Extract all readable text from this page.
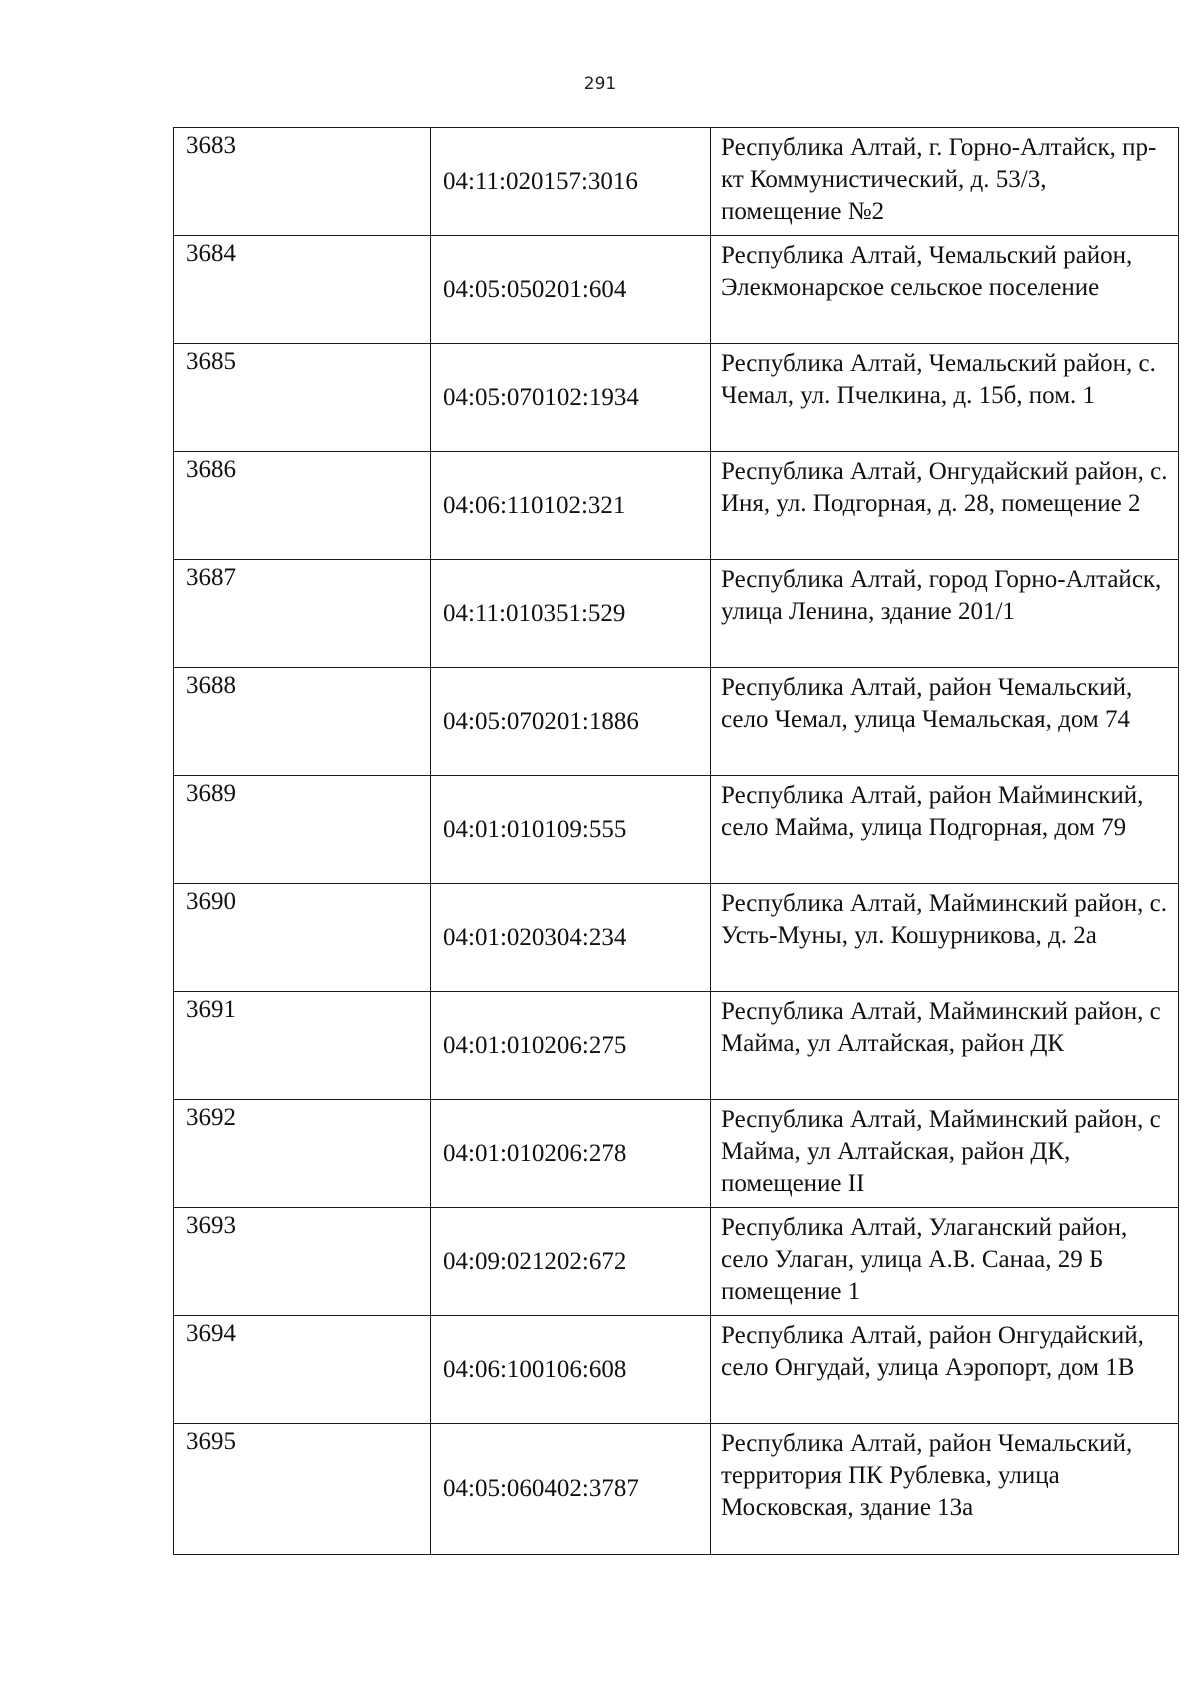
291
3683	04:11:020157:3016	Республика Алтай, г. Горно-Алтайск, пр-кт Коммунистический, д. 53/3, помещение №2
3684	04:05:050201:604	Республика Алтай, Чемальский район, Элекмонарское сельское поселение
3685	04:05:070102:1934	Республика Алтай, Чемальский район, с. Чемал, ул. Пчелкина, д. 15б, пом. 1
3686	04:06:110102:321	Республика Алтай, Онгудайский район, с. Иня, ул. Подгорная, д. 28, помещение 2
3687	04:11:010351:529	Республика Алтай, город Горно-Алтайск, улица Ленина, здание 201/1
3688	04:05:070201:1886	Республика Алтай, район Чемальский, село Чемал, улица Чемальская, дом 74
3689	04:01:010109:555	Республика Алтай, район Майминский, село Майма, улица Подгорная, дом 79
3690	04:01:020304:234	Республика Алтай, Майминский район, с. Усть-Муны, ул. Кошурникова, д. 2а
3691	04:01:010206:275	Республика Алтай, Майминский район, с Майма, ул Алтайская, район ДК
3692	04:01:010206:278	Республика Алтай, Майминский район, с Майма, ул Алтайская, район ДК, помещение II
3693	04:09:021202:672	Республика Алтай, Улаганский район, село Улаган, улица А.В. Санаа, 29 Б помещение 1
3694	04:06:100106:608	Республика Алтай, район Онгудайский, село Онгудай, улица Аэропорт, дом 1В
3695	04:05:060402:3787	Республика Алтай, район Чемальский, территория ПК Рублевка, улица Московская, здание 13а
